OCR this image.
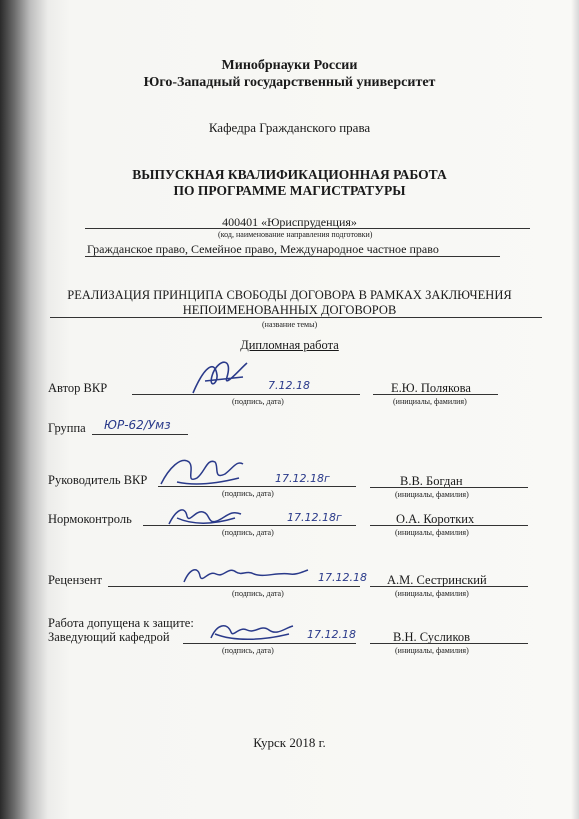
Минобрнауки России
Юго-Западный государственный университет
Кафедра Гражданского права
ВЫПУСКНАЯ КВАЛИФИКАЦИОННАЯ РАБОТА
ПО ПРОГРАММЕ МАГИСТРАТУРЫ
400401 «Юриспруденция»
(код, наименование направления подготовки)
Гражданское право, Семейное право, Международное частное право
РЕАЛИЗАЦИЯ ПРИНЦИПА СВОБОДЫ ДОГОВОРА В РАМКАХ ЗАКЛЮЧЕНИЯ
НЕПОИМЕНОВАННЫХ ДОГОВОРОВ
(название темы)
Дипломная работа
Автор ВКР	7.12.18
(подпись, дата)
Е.Ю. Полякова
(инициалы, фамилия)
Группа ЮР-62/Умз
Руководитель ВКР	17.12.18г
(подпись, дата)
В.В. Богдан
(инициалы, фамилия)
Нормоконтроль	17.12.18г
(подпись, дата)
О.А. Коротких
(инициалы, фамилия)
Рецензент	17.12.18
(подпись, дата)
А.М. Сестринский
(инициалы, фамилия)
Работа допущена к защите:
Заведующий кафедрой	17.12.18
(подпись, дата)
В.Н. Сусликов
(инициалы, фамилия)
Курск 2018 г.
